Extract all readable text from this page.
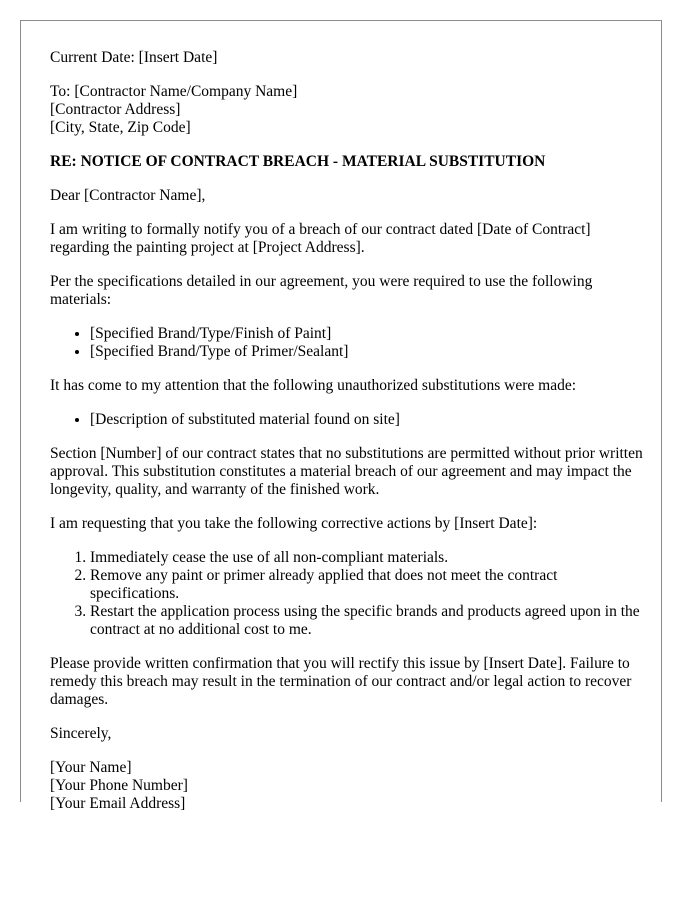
Current Date: [Insert Date]

To: [Contractor Name/Company Name]
[Contractor Address]
[City, State, Zip Code]

RE: NOTICE OF CONTRACT BREACH - MATERIAL SUBSTITUTION

Dear [Contractor Name],

I am writing to formally notify you of a breach of our contract dated [Date of Contract] regarding the painting project at [Project Address].

Per the specifications detailed in our agreement, you were required to use the following materials:

• [Specified Brand/Type/Finish of Paint]
• [Specified Brand/Type of Primer/Sealant]

It has come to my attention that the following unauthorized substitutions were made:

• [Description of substituted material found on site]

Section [Number] of our contract states that no substitutions are permitted without prior written approval. This substitution constitutes a material breach of our agreement and may impact the longevity, quality, and warranty of the finished work.

I am requesting that you take the following corrective actions by [Insert Date]:

1. Immediately cease the use of all non-compliant materials.
2. Remove any paint or primer already applied that does not meet the contract specifications.
3. Restart the application process using the specific brands and products agreed upon in the contract at no additional cost to me.

Please provide written confirmation that you will rectify this issue by [Insert Date]. Failure to remedy this breach may result in the termination of our contract and/or legal action to recover damages.

Sincerely,

[Your Name]
[Your Phone Number]
[Your Email Address]
